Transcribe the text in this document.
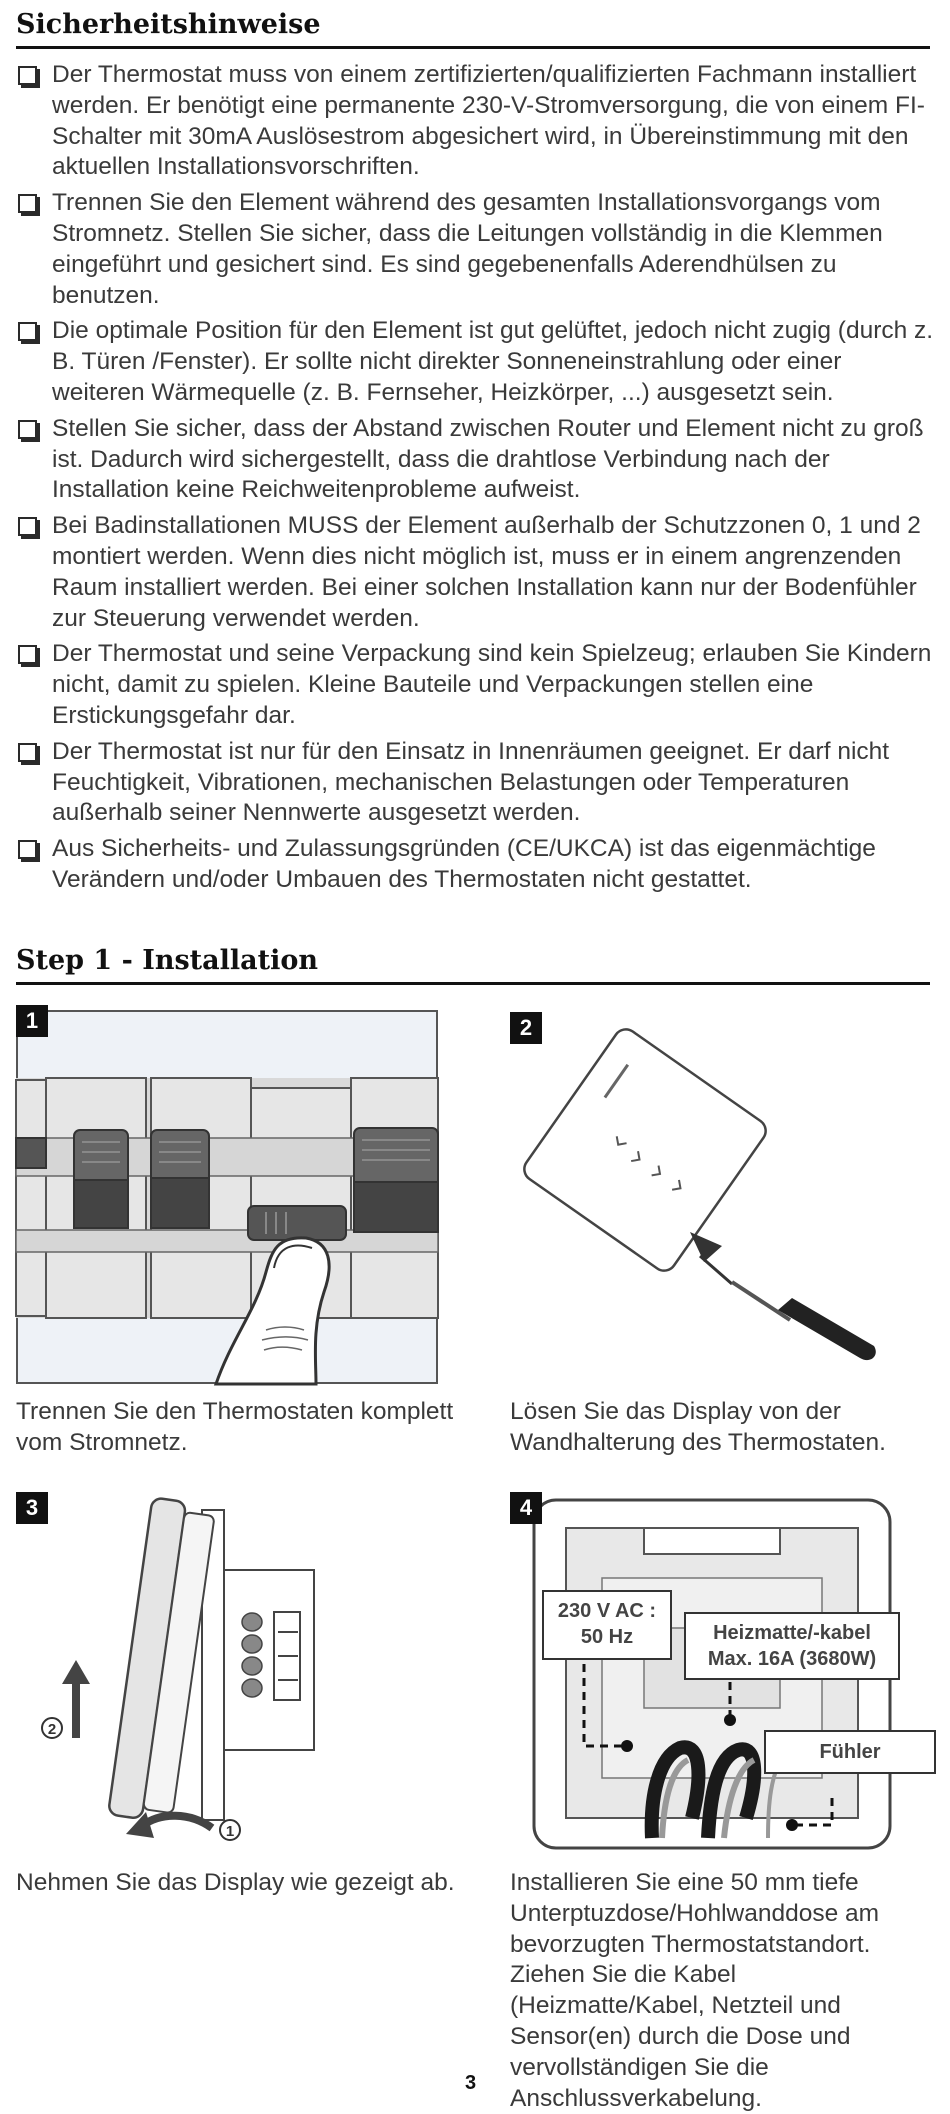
Sicherheitshinweise
Der Thermostat muss von einem zertifizierten/qualifizierten Fachmann installiert werden. Er benötigt eine permanente 230-V-Stromversorgung, die von einem FI-Schalter mit 30mA Auslösestrom abgesichert wird, in Übereinstimmung mit den aktuellen Installationsvorschriften.
Trennen Sie den Element während des gesamten Installationsvorgangs vom Stromnetz. Stellen Sie sicher, dass die Leitungen vollständig in die Klemmen eingeführt und gesichert sind. Es sind gegebenenfalls Aderendhülsen zu benutzen.
Die optimale Position für den Element ist gut gelüftet, jedoch nicht zugig (durch z. B. Türen /Fenster). Er sollte nicht direkter Sonneneinstrahlung oder einer weiteren Wärmequelle (z. B. Fernseher, Heizkörper, ...) ausgesetzt sein.
Stellen Sie sicher, dass der Abstand zwischen Router und Element nicht zu groß ist. Dadurch wird sichergestellt, dass die drahtlose Verbindung nach der Installation keine Reichweitenprobleme aufweist.
Bei Badinstallationen MUSS der Element außerhalb der Schutzzonen 0, 1 und 2 montiert werden. Wenn dies nicht möglich ist, muss er in einem angrenzenden Raum installiert werden. Bei einer solchen Installation kann nur der Bodenfühler zur Steuerung verwendet werden.
Der Thermostat und seine Verpackung sind kein Spielzeug; erlauben Sie Kindern nicht, damit zu spielen. Kleine Bauteile und Verpackungen stellen eine Erstickungsgefahr dar.
Der Thermostat ist nur für den Einsatz in Innenräumen geeignet. Er darf nicht Feuchtigkeit, Vibrationen, mechanischen Belastungen oder Temperaturen außerhalb seiner Nennwerte ausgesetzt werden.
Aus Sicherheits- und Zulassungsgründen (CE/UKCA) ist das eigenmächtige Verändern und/oder Umbauen des Thermostaten nicht gestattet.
Step 1 - Installation
1
Trennen Sie den Thermostaten komplett vom Stromnetz.
2
Lösen Sie das Display von der Wandhalterung des Thermostaten.
3
2
1
Nehmen Sie das Display wie gezeigt ab.
4
230 V AC :
50 Hz	Heizmatte/-kabel
Max. 16A (3680W)
Fühler
Installieren Sie eine 50 mm tiefe Unterptuzdose/Hohlwanddose am bevorzugten Thermostatstandort. Ziehen Sie die Kabel (Heizmatte/Kabel, Netzteil und Sensor(en) durch die Dose und vervollständigen Sie die Anschlussverkabelung.
3
